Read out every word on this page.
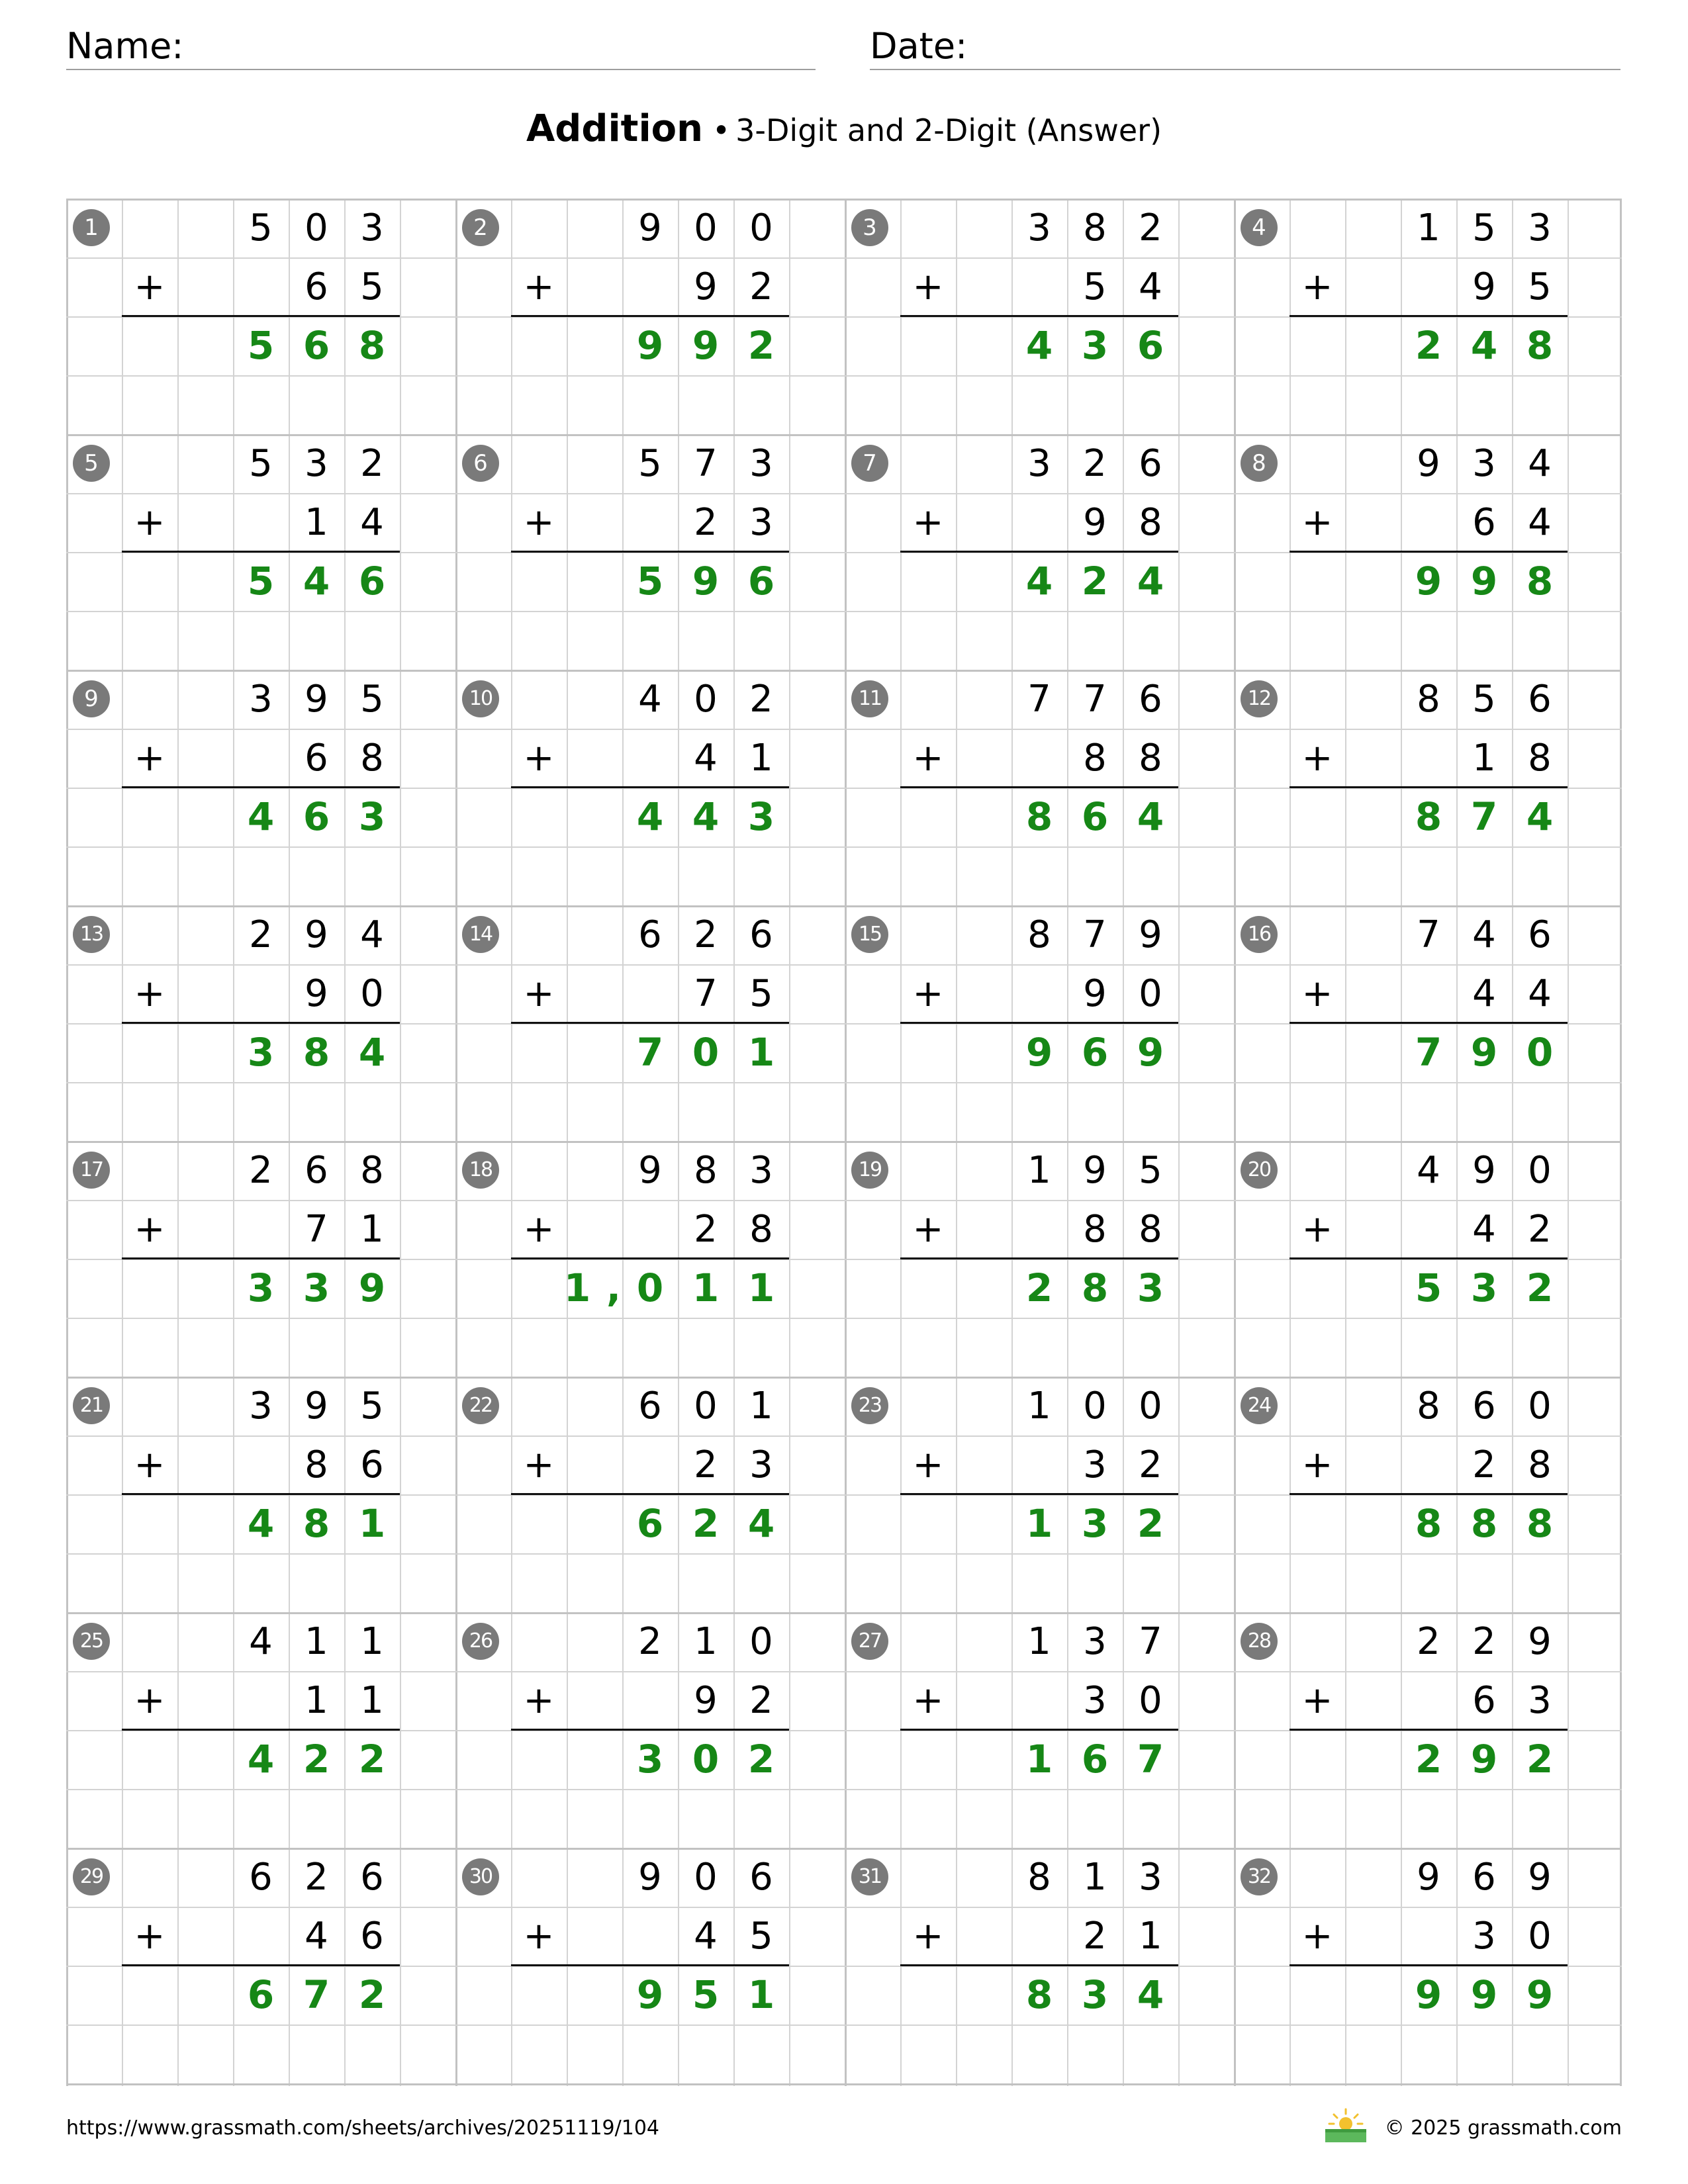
Name:	Date:
Addition • 3-Digit and 2-Digit (Answer)
1	5 0 3
+	6 5
5 6 8
2	9 0 0
+	9 2
9 9 2
3	3 8 2
+	5 4
4 3 6
4	1 5 3
+	9 5
2 4 8
5	5 3 2
+	1 4
5 4 6
6	5 7 3
+	2 3
5 9 6
7	3 2 6
+	9 8
4 2 4
8	9 3 4
+	6 4
9 9 8
9	3 9 5
+	6 8
4 6 3
10	4 0 2
+	4 1
4 4 3
11	7 7 6
+	8 8
8 6 4
12	8 5 6
+	1 8
8 7 4
13	2 9 4
+	9 0
3 8 4
14	6 2 6
+	7 5
7 0 1
15	8 7 9
+	9 0
9 6 9
16	7 4 6
+	4 4
7 9 0
17	2 6 8
+	7 1
3 3 9
18	9 8 3
+	2 8
1 , 0 1 1
19	1 9 5
+	8 8
2 8 3
20	4 9 0
+	4 2
5 3 2
21	3 9 5
+	8 6
4 8 1
22	6 0 1
+	2 3
6 2 4
23	1 0 0
+	3 2
1 3 2
24	8 6 0
+	2 8
8 8 8
25	4 1 1
+	1 1
4 2 2
26	2 1 0
+	9 2
3 0 2
27	1 3 7
+	3 0
1 6 7
28	2 2 9
+	6 3
2 9 2
29	6 2 6
+	4 6
6 7 2
30	9 0 6
+	4 5
9 5 1
31	8 1 3
+	2 1
8 3 4
32	9 6 9
+	3 0
9 9 9
https://www.grassmath.com/sheets/archives/20251119/104	© 2025 grassmath.com
